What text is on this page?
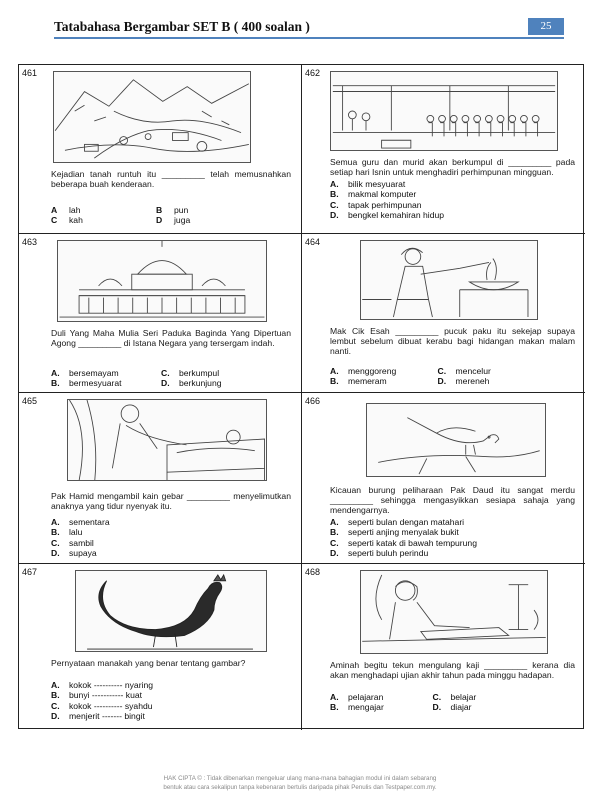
Tatabahasa Bergambar SET B ( 400 soalan )	25
461
Kejadian tanah runtuh itu _________ telah memusnahkan beberapa buah kenderaan.
A	lah	B	pun
C	kah	D	juga
462
Semua guru dan murid akan berkumpul di _________ pada setiap hari Isnin untuk menghadiri perhimpunan mingguan.
A.	bilik mesyuarat
B.	makmal komputer
C.	tapak perhimpunan
D.	bengkel kemahiran hidup
463
Duli Yang Maha Mulia Seri Paduka Baginda Yang Dipertuan Agong _________ di Istana Negara yang tersergam indah.
A.	bersemayam	C.	berkumpul
B.	bermesyuarat	D.	berkunjung
464
Mak Cik Esah _________ pucuk paku itu sekejap supaya lembut sebelum dibuat kerabu bagi hidangan makan malam nanti.
A.	menggoreng	C.	mencelur
B.	memeram	D.	mereneh
465
Pak Hamid mengambil kain gebar _________ menyelimutkan anaknya yang tidur nyenyak itu.
A.	sementara
B.	lalu
C.	sambil
D.	supaya
466
Kicauan burung peliharaan Pak Daud itu sangat merdu _________ sehingga mengasyikkan sesiapa sahaja yang mendengarnya.
A.	seperti bulan dengan matahari
B.	seperti anjing menyalak bukit
C.	seperti katak di bawah tempurung
D.	seperti buluh perindu
467
Pernyataan manakah yang benar tentang gambar?
A.	kokok ---------- nyaring
B.	bunyi ----------- kuat
C.	kokok ---------- syahdu
D.	menjerit ------- bingit
468
Aminah begitu tekun mengulang kaji _________ kerana dia akan menghadapi ujian akhir tahun pada minggu hadapan.
A.	pelajaran	C.	belajar
B.	mengajar	D.	diajar
HAK CIPTA © : Tidak dibenarkan mengeluar ulang mana-mana bahagian modul ini dalam sebarang
bentuk atau cara sekalipun tanpa kebenaran bertulis daripada pihak Penulis dan Testpaper.com.my.
